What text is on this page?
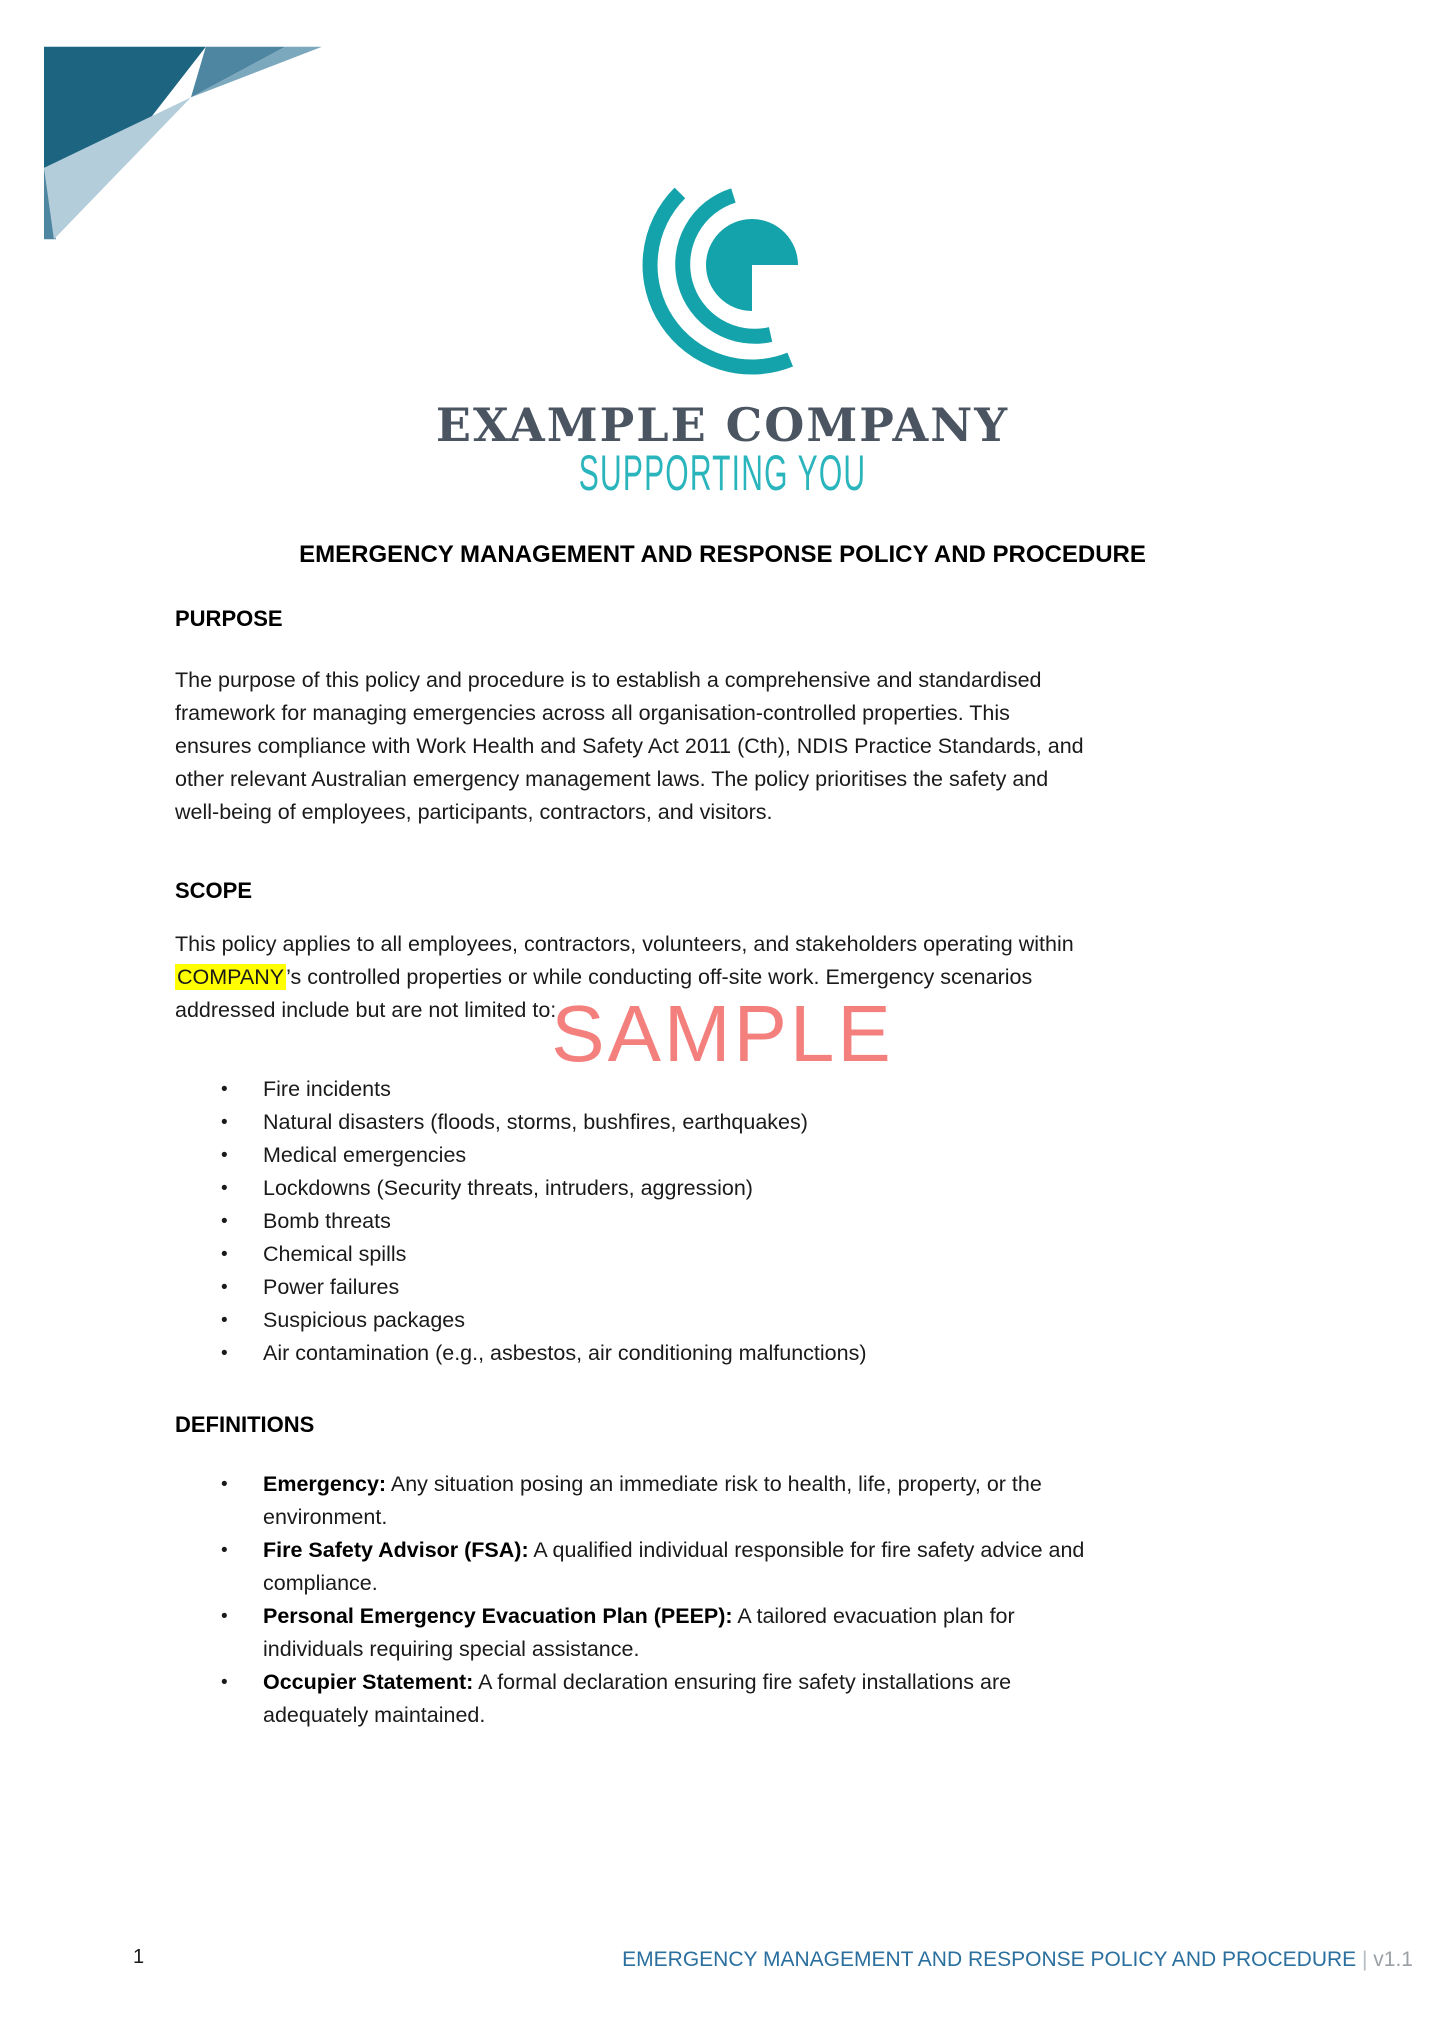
EXAMPLE COMPANY
SUPPORTING YOU
EMERGENCY MANAGEMENT AND RESPONSE POLICY AND PROCEDURE
PURPOSE
The purpose of this policy and procedure is to establish a comprehensive and standardised
framework for managing emergencies across all organisation-controlled properties. This
ensures compliance with Work Health and Safety Act 2011 (Cth), NDIS Practice Standards, and
other relevant Australian emergency management laws. The policy prioritises the safety and
well-being of employees, participants, contractors, and visitors.
SCOPE
This policy applies to all employees, contractors, volunteers, and stakeholders operating within
COMPANY’s controlled properties or while conducting off-site work. Emergency scenarios
addressed include but are not limited to:
SAMPLE
• Fire incidents
• Natural disasters (floods, storms, bushfires, earthquakes)
• Medical emergencies
• Lockdowns (Security threats, intruders, aggression)
• Bomb threats
• Chemical spills
• Power failures
• Suspicious packages
• Air contamination (e.g., asbestos, air conditioning malfunctions)
DEFINITIONS
• Emergency: Any situation posing an immediate risk to health, life, property, or the
environment.
• Fire Safety Advisor (FSA): A qualified individual responsible for fire safety advice and
compliance.
• Personal Emergency Evacuation Plan (PEEP): A tailored evacuation plan for
individuals requiring special assistance.
• Occupier Statement: A formal declaration ensuring fire safety installations are
adequately maintained.
1	EMERGENCY MANAGEMENT AND RESPONSE POLICY AND PROCEDURE | v1.1
